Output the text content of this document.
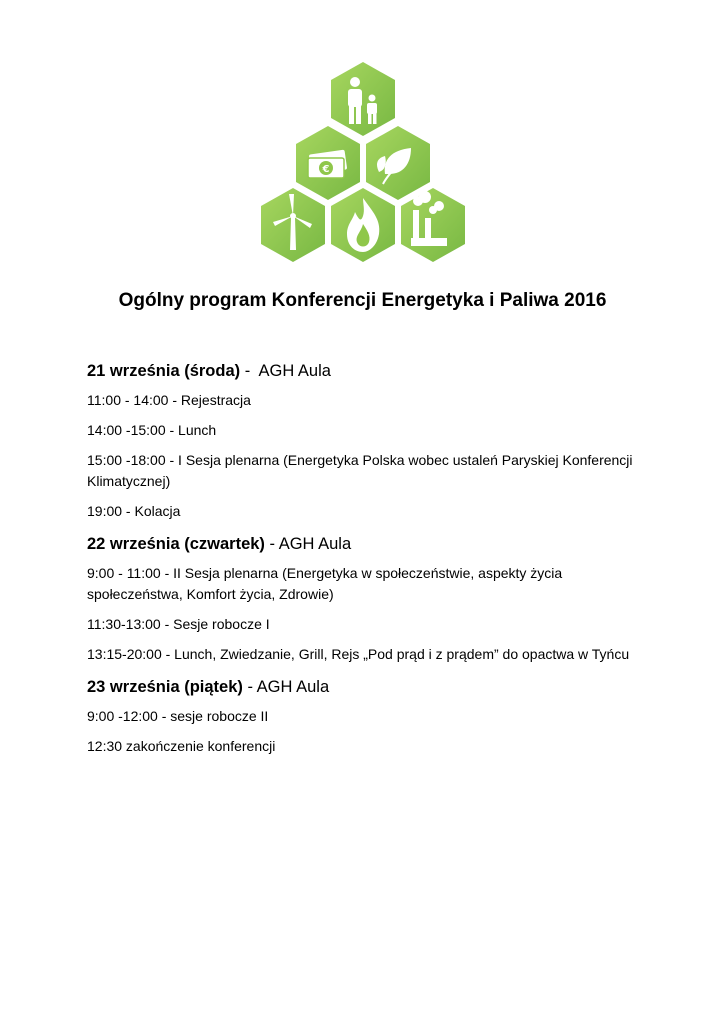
€
Ogólny program Konferencji Energetyka i Paliwa 2016
21 września (środa) -  AGH Aula
11:00 - 14:00 - Rejestracja
14:00 -15:00 - Lunch
15:00 -18:00 - I Sesja plenarna (Energetyka Polska wobec ustaleń Paryskiej Konferencji Klimatycznej)
19:00 - Kolacja
22 września (czwartek) - AGH Aula
9:00 - 11:00 - II Sesja plenarna (Energetyka w społeczeństwie, aspekty życia społeczeństwa, Komfort życia, Zdrowie)
11:30-13:00 - Sesje robocze I
13:15-20:00 - Lunch, Zwiedzanie, Grill, Rejs „Pod prąd i z prądem” do opactwa w Tyńcu
23 września (piątek) - AGH Aula
9:00 -12:00 - sesje robocze II
12:30 zakończenie konferencji
